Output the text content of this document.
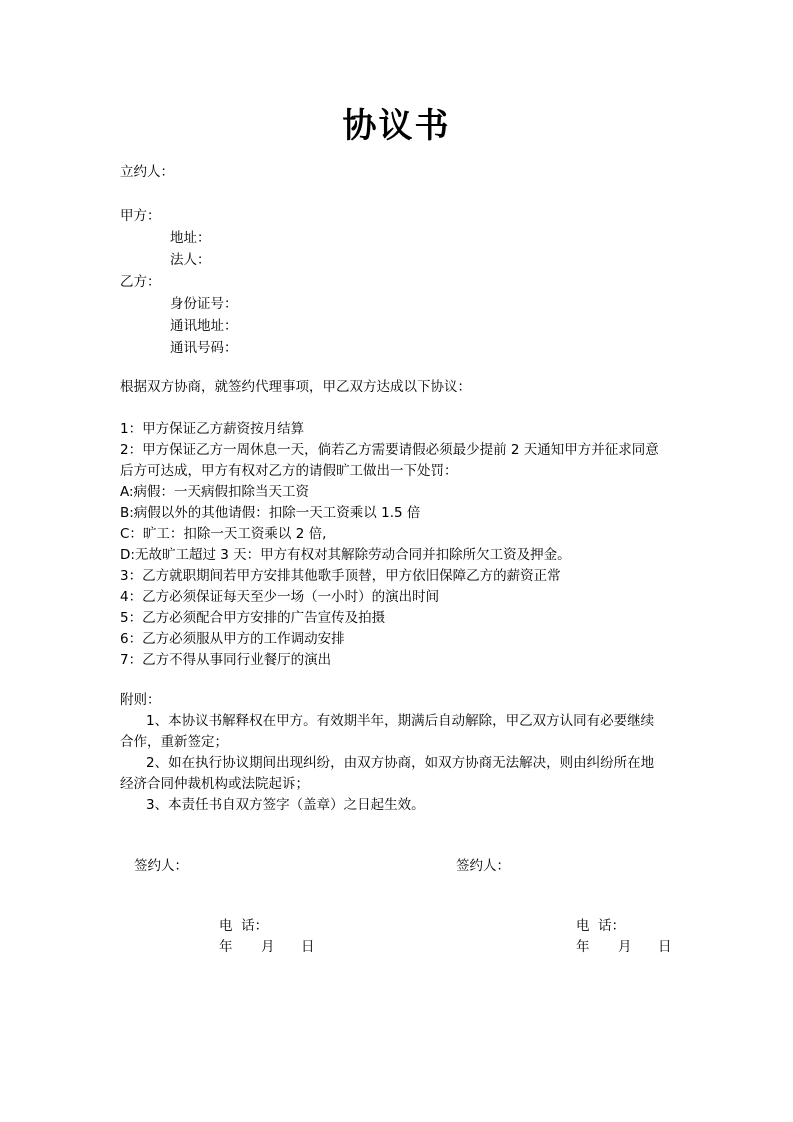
协议书
立约人：
甲方：
地址：
法人：
乙方：
身份证号：
通讯地址：
通讯号码：
根据双方协商，就签约代理事项，甲乙双方达成以下协议：
1：甲方保证乙方薪资按月结算
2：甲方保证乙方一周休息一天，倘若乙方需要请假必须最少提前 2 天通知甲方并征求同意
后方可达成，甲方有权对乙方的请假旷工做出一下处罚：
A:病假：一天病假扣除当天工资
B:病假以外的其他请假：扣除一天工资乘以 1.5 倍
C：旷工：扣除一天工资乘以 2 倍,
D:无故旷工超过 3 天：甲方有权对其解除劳动合同并扣除所欠工资及押金。
3：乙方就职期间若甲方安排其他歌手顶替，甲方依旧保障乙方的薪资正常
4：乙方必须保证每天至少一场（一小时）的演出时间
5：乙方必须配合甲方安排的广告宣传及拍摄
6：乙方必须服从甲方的工作调动安排
7：乙方不得从事同行业餐厅的演出
附则：
1、本协议书解释权在甲方。有效期半年，期满后自动解除，甲乙双方认同有必要继续
合作，重新签定；
2、如在执行协议期间出现纠纷，由双方协商，如双方协商无法解决，则由纠纷所在地
经济合同仲裁机构或法院起诉；
3、本责任书自双方签字（盖章）之日起生效。
签约人：	签约人：
电  话：	电  话：
年 月 日	年 月 日
